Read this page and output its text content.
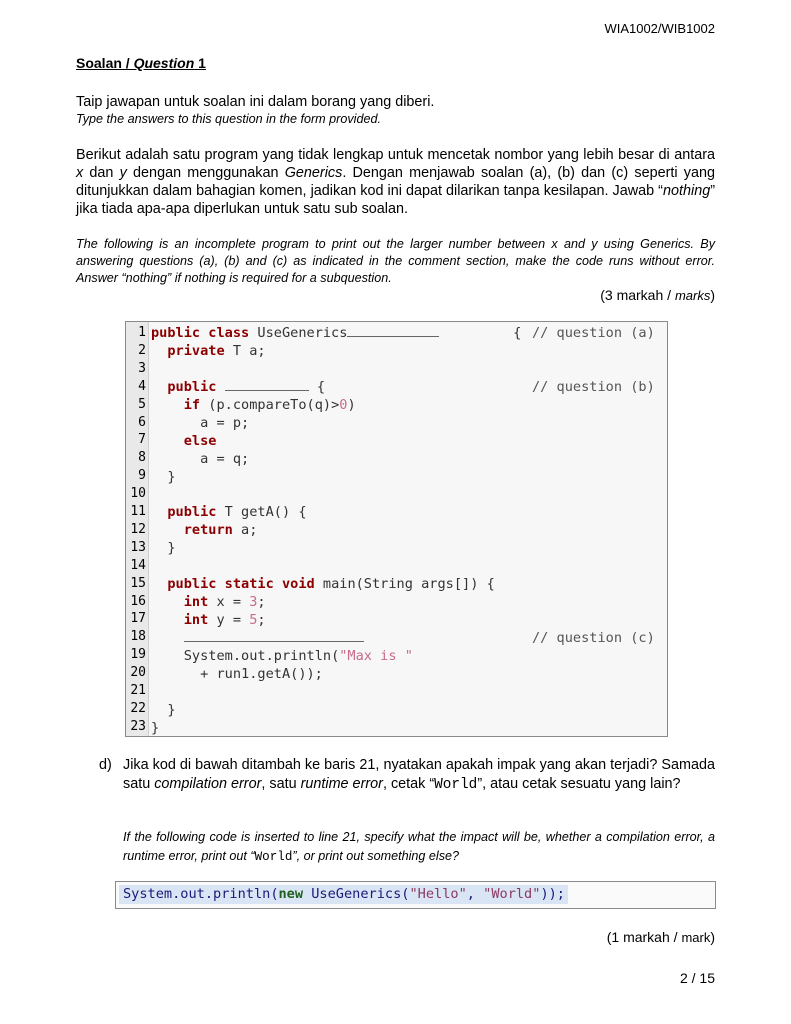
WIA1002/WIB1002
Soalan / Question 1
Taip jawapan untuk soalan ini dalam borang yang diberi.
Type the answers to this question in the form provided.
Berikut adalah satu program yang tidak lengkap untuk mencetak nombor yang lebih besar di antara x dan y dengan menggunakan Generics. Dengan menjawab soalan (a), (b) dan (c) seperti yang ditunjukkan dalam bahagian komen, jadikan kod ini dapat dilarikan tanpa kesilapan. Jawab “nothing” jika tiada apa-apa diperlukan untuk satu sub soalan.
The following is an incomplete program to print out the larger number between x and y using Generics. By answering questions (a), (b) and (c) as indicated in the comment section, make the code runs without error. Answer “nothing” if nothing is required for a subquestion.
(3 markah / marks)
1
2
3
4
5
6
7
8
9
10
11
12
13
14
15
16
17
18
19
20
21
22
23
public class UseGenerics	{ // question (a)
private T a;
public	{	// question (b)
if (p.compareTo(q)>0)
a = p;
else
a = q;
}
public T getA() {
return a;
}
public static void main(String args[]) {
int x = 3;
int y = 5;

// question (c)
System.out.println("Max is "
+ run1.getA());
}
}
d) Jika kod di bawah ditambah ke baris 21, nyatakan apakah impak yang akan terjadi? Samada satu compilation error, satu runtime error, cetak “World”, atau cetak sesuatu yang lain?
If the following code is inserted to line 21, specify what the impact will be, whether a compilation error, a runtime error, print out “World”, or print out something else?
System.out.println(new UseGenerics("Hello", "World"));
(1 markah / mark)
2 / 15
